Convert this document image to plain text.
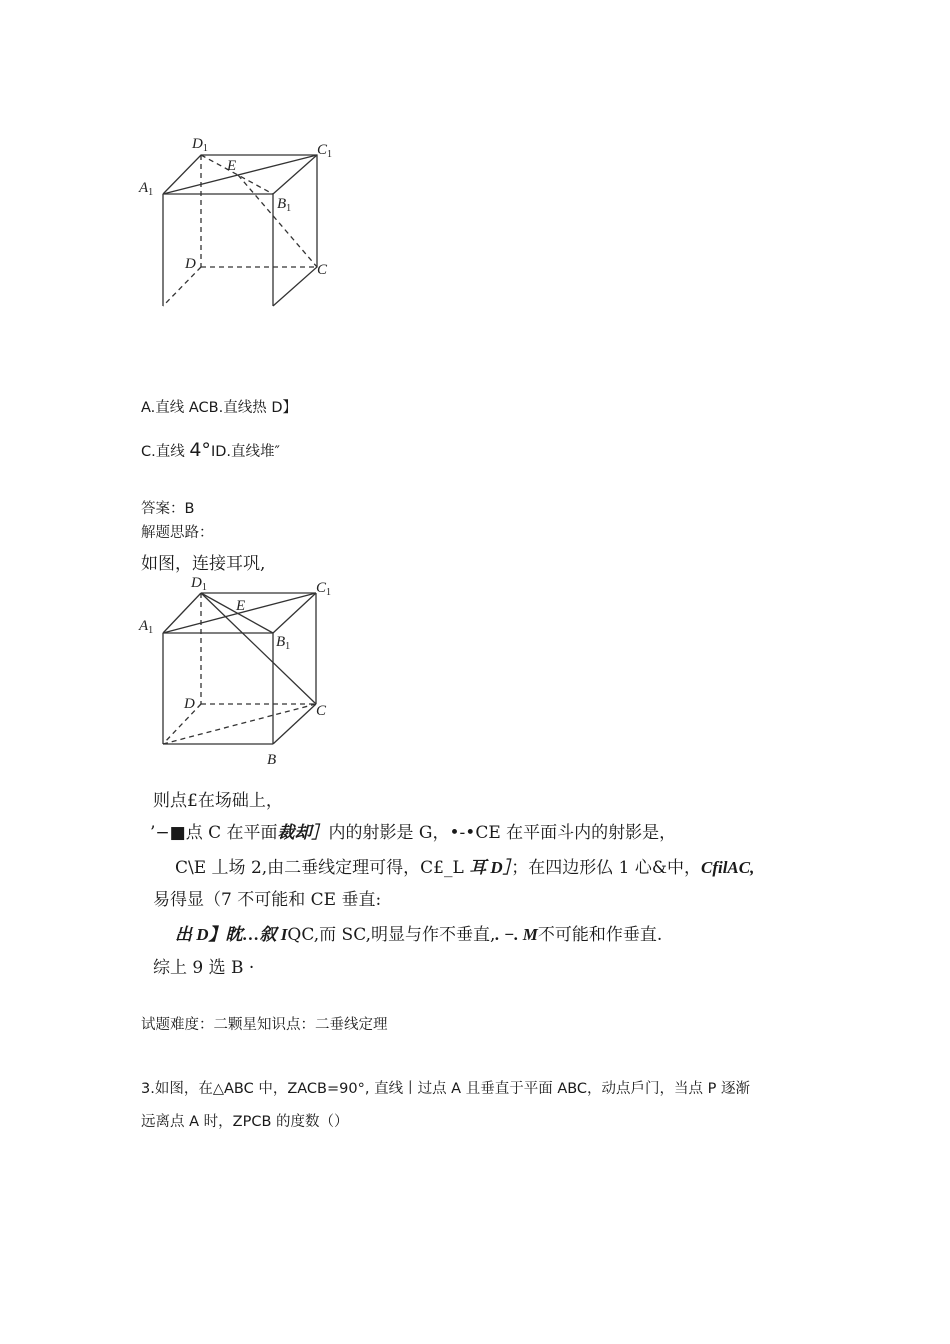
$A_1$
$D_1$	$C_1$
$B_1$
E
D	C
A.直线 ACB.直线热 D】
C.直线 4°ID.直线堆″
答案：B
解题思路：
如图，连接耳巩,
$A_1$
$D_1$	$C_1$
$B_1$
E
D	C
B
则点£在场础上，
’−■点 C 在平面裁却］内的射影是 G，•-•CE 在平面斗内的射影是，
C\E 丄场 2,由二垂线定理可得，C£_L 耳 D］；在四边形仏 1 心&中，CfilAC,
易得显（7 不可能和 CE 垂直:
出 D】眈…叙 IQC,而 SC,明显与作不垂直,. −. M不可能和作垂直.
综上 9 选 B ·
试题难度：二颗星知识点：二垂线定理
3.如图，在△ABC 中，ZACB=90°, 直线丨过点 A 且垂直于平面 ABC，动点戶门，当点 P 逐渐
远离点 A 时，ZPCB 的度数（）
